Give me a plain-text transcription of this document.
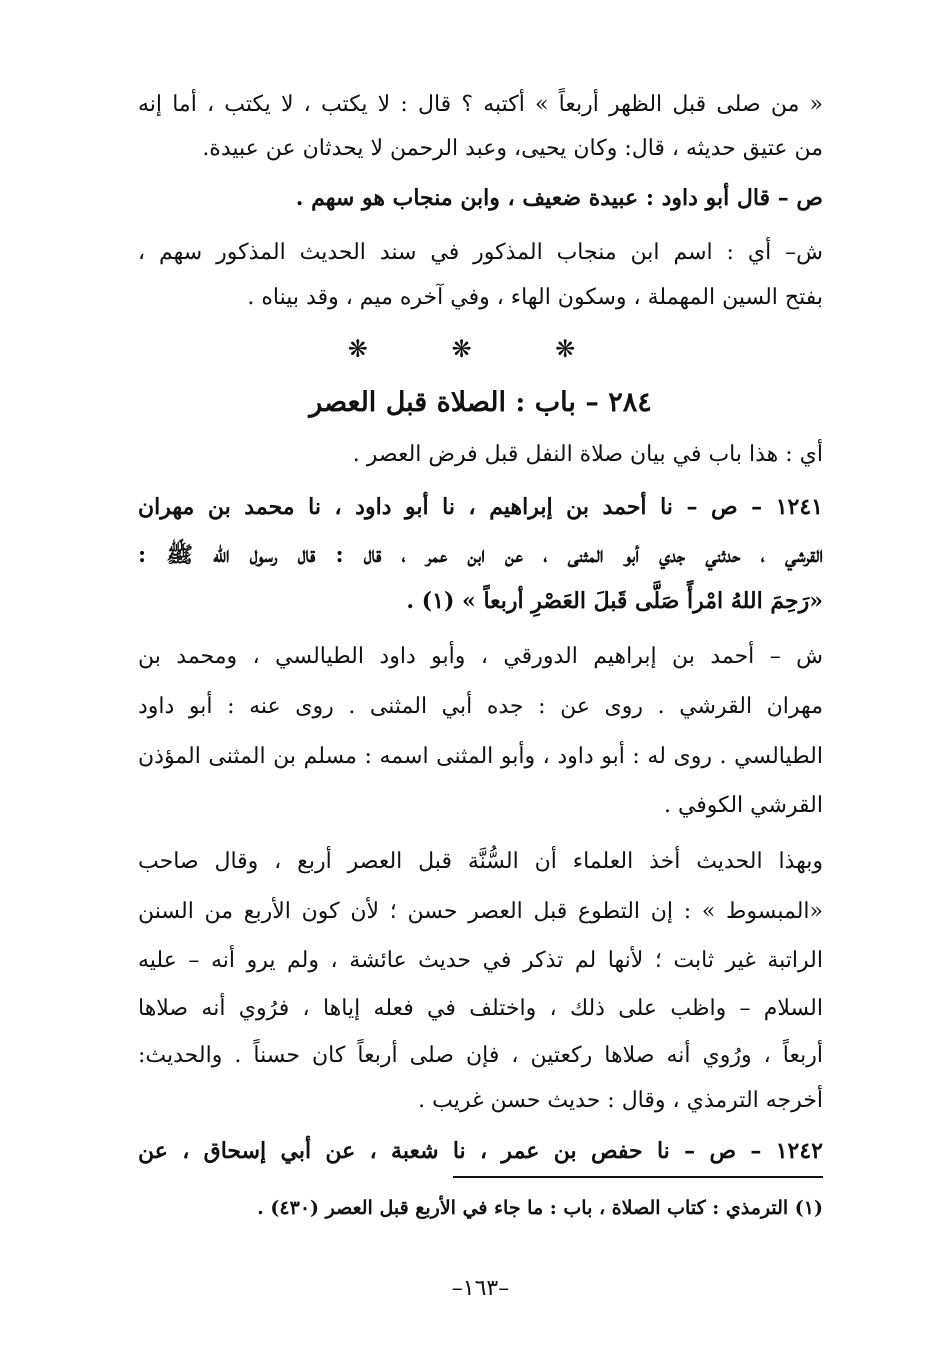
« من صلى قبل الظهر أربعاً » أكتبه ؟ قال : لا يكتب ، لا يكتب ، أما إنه
من عتيق حديثه ، قال: وكان يحيى، وعبد الرحمن لا يحدثان عن عبيدة.
ص – قال أبو داود : عبيدة ضعيف ، وابن منجاب هو سهم .
ش– أي : اسم ابن منجاب المذكور في سند الحديث المذكور سهم ،
بفتح السين المهملة ، وسكون الهاء ، وفي آخره ميم ، وقد بيناه .
❋ ❋ ❋
٢٨٤ – باب : الصلاة قبل العصر
أي : هذا باب في بيان صلاة النفل قبل فرض العصر .
١٢٤١ – ص – نا أحمد بن إبراهيم ، نا أبو داود ، نا محمد بن مهران
القرشي ، حدثني جدي أبو المثنى ، عن ابن عمر ، قال : قال رسول الله ﷺ :
«رَحِمَ اللهُ امْرأً صَلَّى قَبلَ العَصْرِ أربعاً » (١) .
ش – أحمد بن إبراهيم الدورقي ، وأبو داود الطيالسي ، ومحمد بن
مهران القرشي . روى عن : جده أبي المثنى . روى عنه : أبو داود
الطيالسي . روى له : أبو داود ، وأبو المثنى اسمه : مسلم بن المثنى المؤذن
القرشي الكوفي .
وبهذا الحديث أخذ العلماء أن السُّنَّة قبل العصر أربع ، وقال صاحب
«المبسوط » : إن التطوع قبل العصر حسن ؛ لأن كون الأربع من السنن
الراتبة غير ثابت ؛ لأنها لم تذكر في حديث عائشة ، ولم يرو أنه – عليه
السلام – واظب على ذلك ، واختلف في فعله إياها ، فرُوي أنه صلاها
أربعاً ، ورُوي أنه صلاها ركعتين ، فإن صلى أربعاً كان حسناً . والحديث:
أخرجه الترمذي ، وقال : حديث حسن غريب .
١٢٤٢ – ص – نا حفص بن عمر ، نا شعبة ، عن أبي إسحاق ، عن
(١) الترمذي : كتاب الصلاة ، باب : ما جاء في الأربع قبل العصر (٤٣٠) .
–١٦٣–
